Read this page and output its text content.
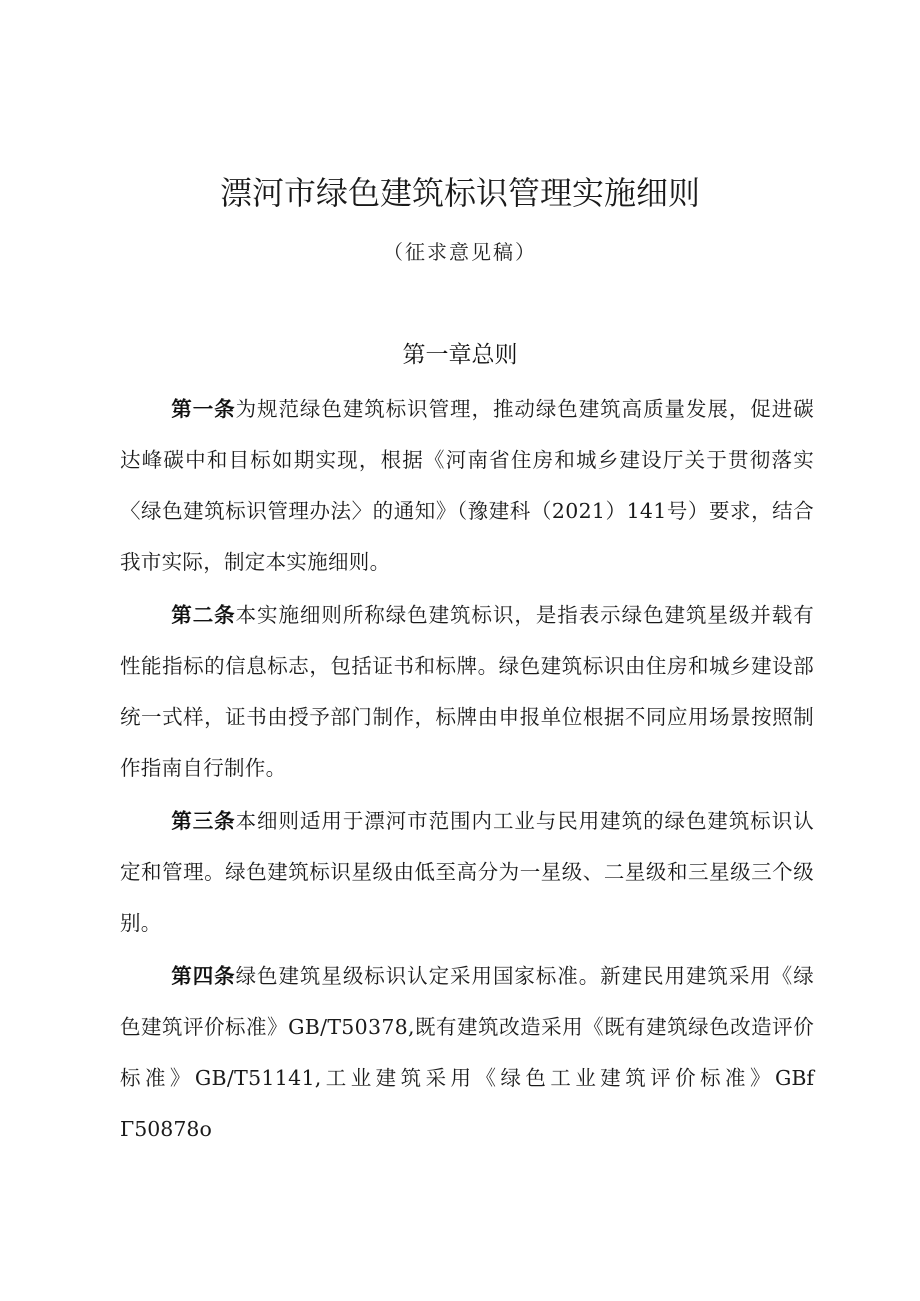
漂河市绿色建筑标识管理实施细则
（征求意见稿）
第一章总则

第一条为规范绿色建筑标识管理，推动绿色建筑高质量发展，促进碳达峰碳中和目标如期实现，根据《河南省住房和城乡建设厅关于贯彻落实〈绿色建筑标识管理办法〉的通知》（豫建科（2021）141号）要求，结合我市实际，制定本实施细则。

第二条本实施细则所称绿色建筑标识，是指表示绿色建筑星级并载有性能指标的信息标志，包括证书和标牌。绿色建筑标识由住房和城乡建设部统一式样，证书由授予部门制作，标牌由申报单位根据不同应用场景按照制作指南自行制作。

第三条本细则适用于漂河市范围内工业与民用建筑的绿色建筑标识认定和管理。绿色建筑标识星级由低至高分为一星级、二星级和三星级三个级别。

第四条绿色建筑星级标识认定采用国家标准。新建民用建筑采用《绿色建筑评价标准》GB/T50378,既有建筑改造采用《既有建筑绿色改造评价标准》GB/T51141,工业建筑采用《绿色工业建筑评价标准》GBf Γ50878o
